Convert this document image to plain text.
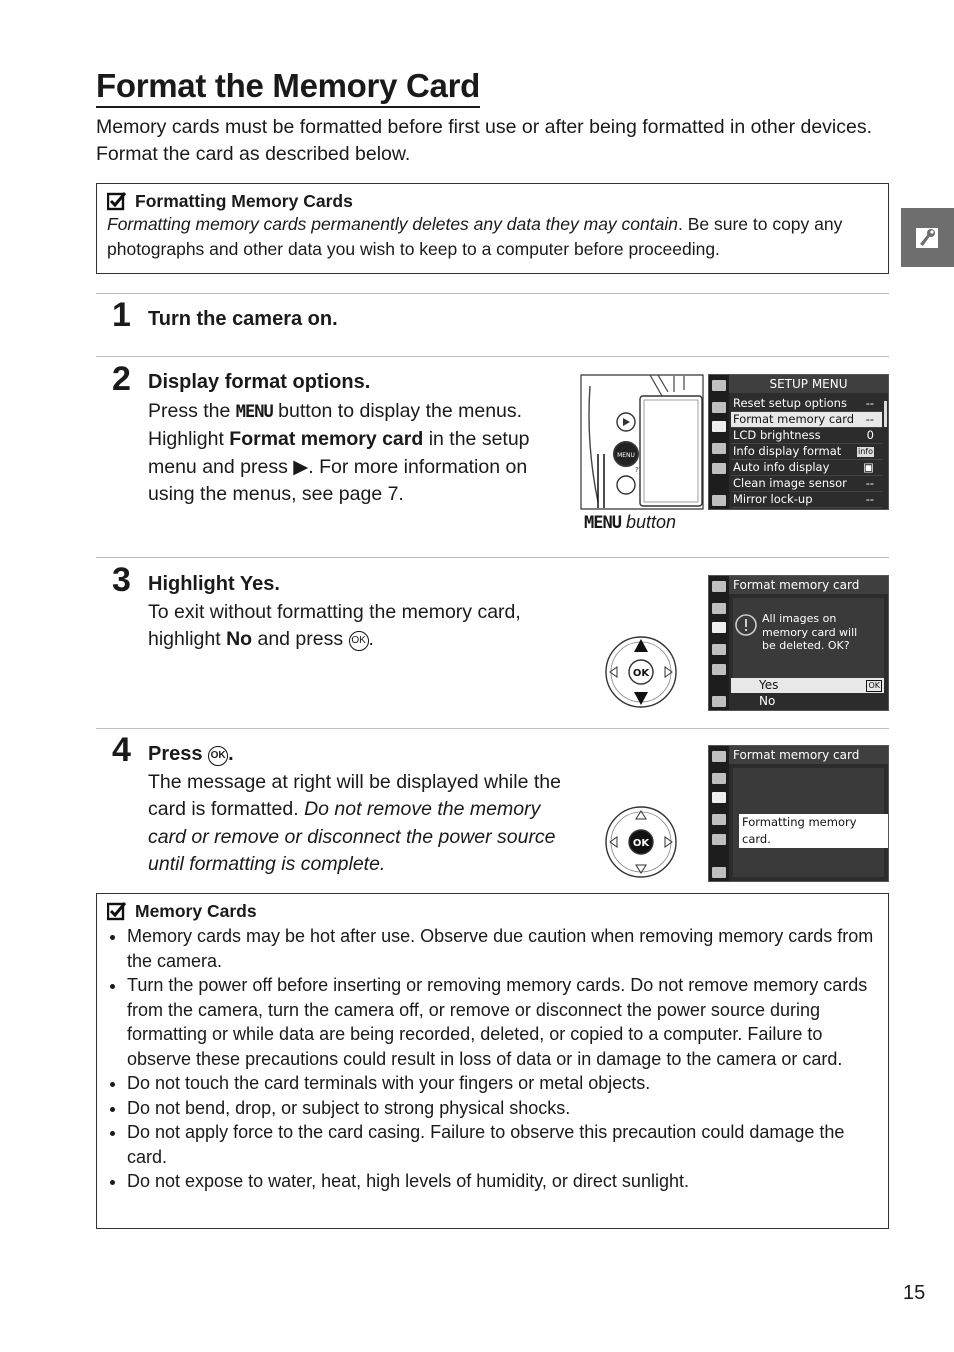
Format the Memory Card

Memory cards must be formatted before first use or after being formatted in other devices. Format the card as described below.

Formatting Memory Cards
Formatting memory cards permanently deletes any data they may contain. Be sure to copy any photographs and other data you wish to keep to a computer before proceeding.
1 Turn the camera on.
2 Display format options.
Press the MENU button to display the menus. Highlight Format memory card in the setup menu and press ▶. For more information on using the menus, see page 7.
MENU
?
MENU button
SETUP MENU
Reset setup options --
Format memory card --
LCD brightness	0
Info display format info
Auto info display	▣
Clean image sensor --
Mirror lock-up	--
3 Highlight Yes.
To exit without formatting the memory card, highlight No and press OK .
OK
Format memory card
All images on memory card will be deleted. OK?
Yes	OK
No
4 Press OK .
The message at right will be displayed while the card is formatted. Do not remove the memory card or remove or disconnect the power source until formatting is complete.
OK
Format memory card
Formatting memory card.
Memory Cards
• Memory cards may be hot after use. Observe due caution when removing memory cards from the camera.
• Turn the power off before inserting or removing memory cards. Do not remove memory cards from the camera, turn the camera off, or remove or disconnect the power source during formatting or while data are being recorded, deleted, or copied to a computer. Failure to observe these precautions could result in loss of data or in damage to the camera or card.
• Do not touch the card terminals with your fingers or metal objects.
• Do not bend, drop, or subject to strong physical shocks.
• Do not apply force to the card casing. Failure to observe this precaution could damage the card.
• Do not expose to water, heat, high levels of humidity, or direct sunlight.
15
